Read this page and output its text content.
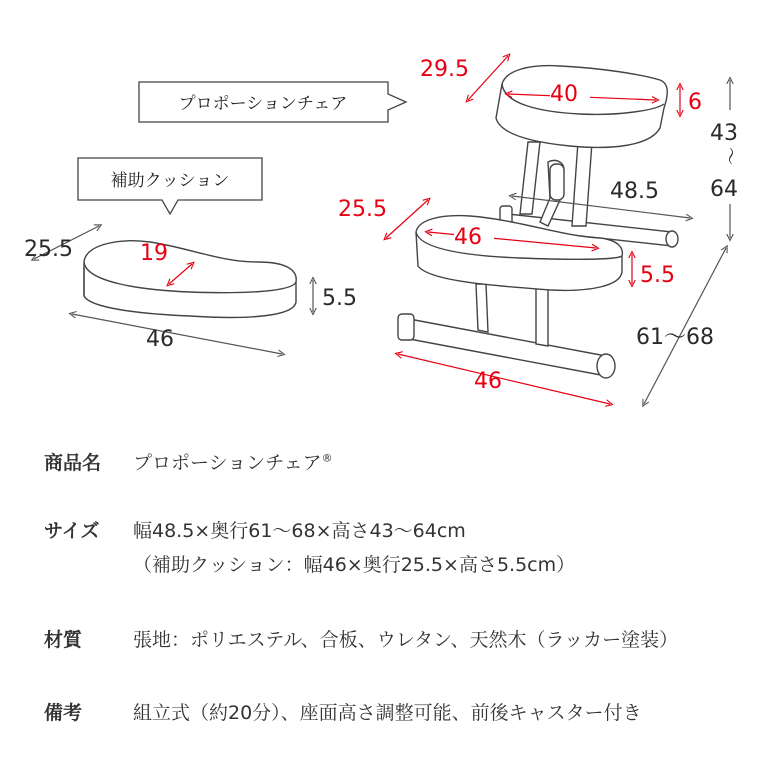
プロポーションチェア
補助クッション
25.5	19
5.5
46
29.5
40	6
43
～
64
48.5
25.5
46
5.5
61～68
46
商品名 プロポーションチェア®
サイズ 幅48.5×奥行61～68×高さ43～64cm
（補助クッション：幅46×奥行25.5×高さ5.5cm）
材質	張地：ポリエステル、合板、ウレタン、天然木（ラッカー塗装）
備考	組立式（約20分）、座面高さ調整可能、前後キャスター付き
